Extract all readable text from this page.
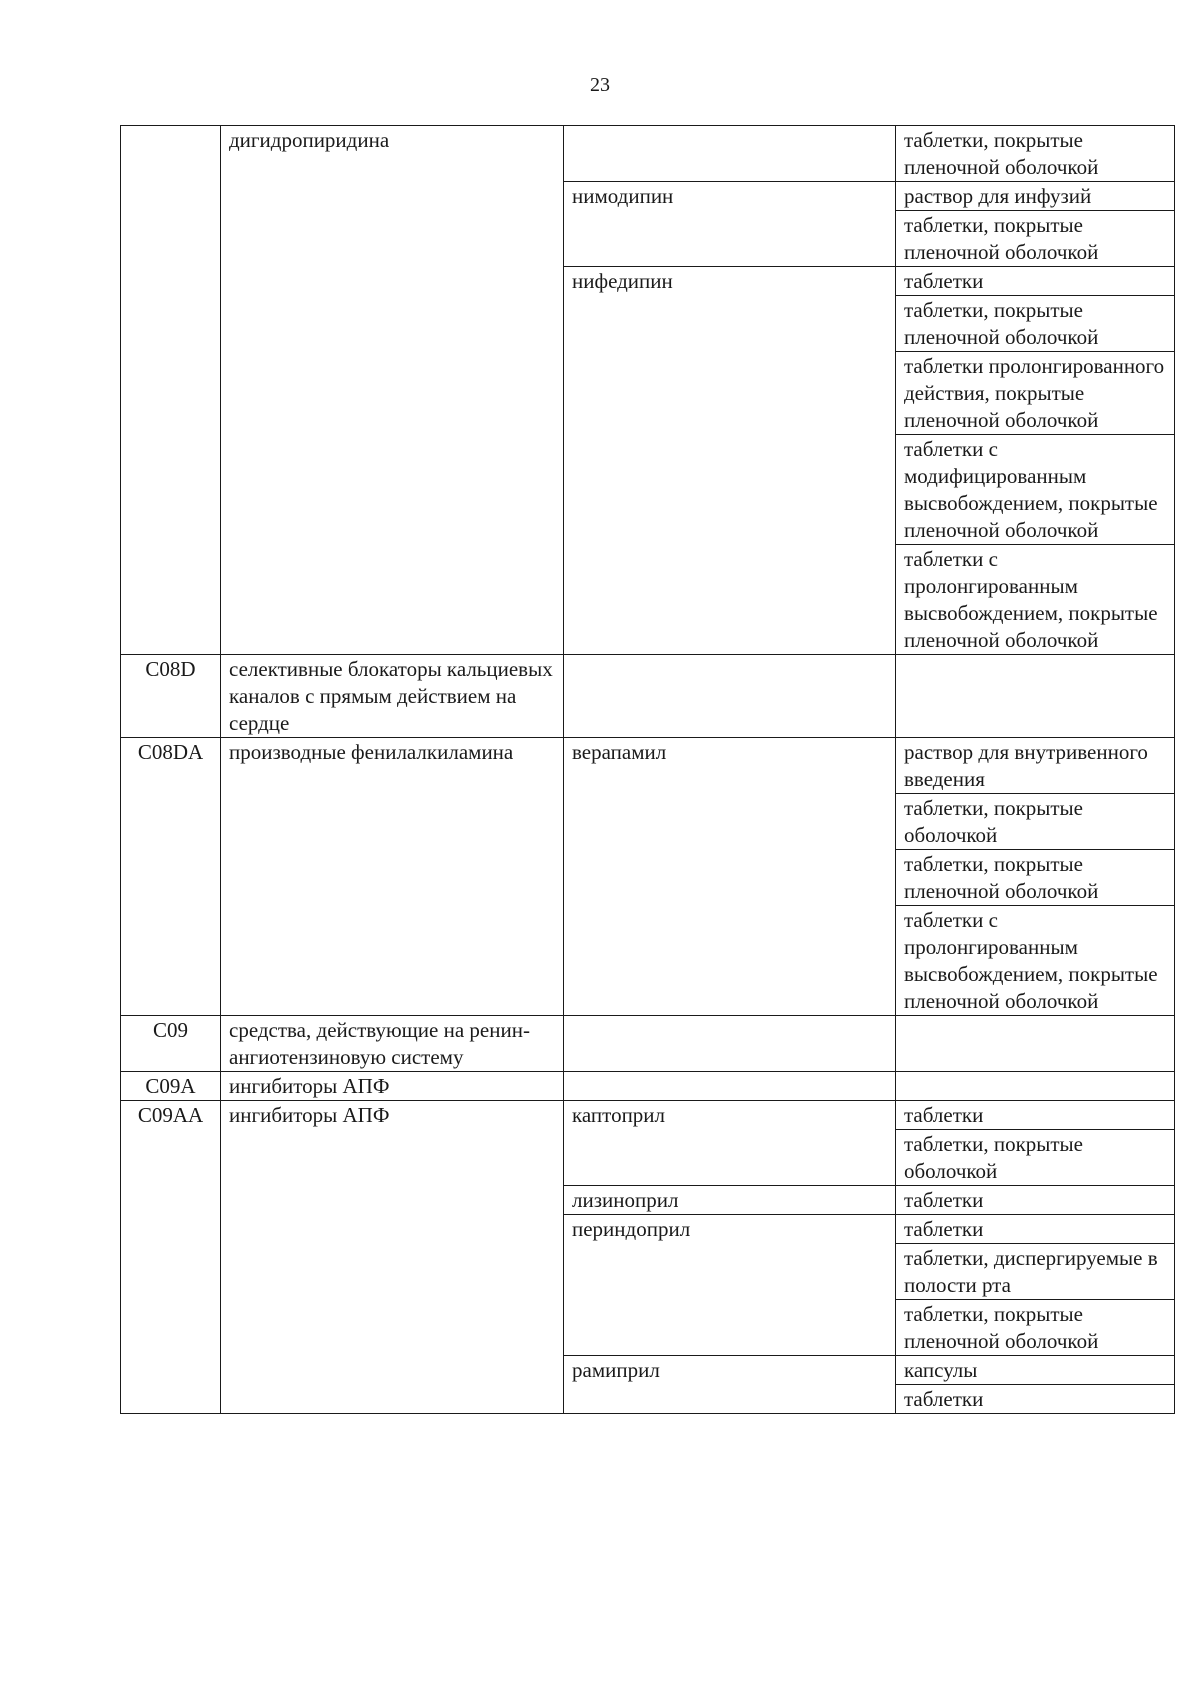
23
	дигидропиридина		таблетки, покрытые пленочной оболочкой
		нимодипин	раствор для инфузий
			таблетки, покрытые пленочной оболочкой
		нифедипин	таблетки
			таблетки, покрытые пленочной оболочкой
			таблетки пролонгированного действия, покрытые пленочной оболочкой
			таблетки с модифицированным высвобождением, покрытые пленочной оболочкой
			таблетки с пролонгированным высвобождением, покрытые пленочной оболочкой
C08D	селективные блокаторы кальциевых каналов с прямым действием на сердце		
C08DA	производные фенилалкиламина	верапамил	раствор для внутривенного введения
			таблетки, покрытые оболочкой
			таблетки, покрытые пленочной оболочкой
			таблетки с пролонгированным высвобождением, покрытые пленочной оболочкой
C09	средства, действующие на ренин-ангиотензиновую систему		
C09A	ингибиторы АПФ		
C09AA	ингибиторы АПФ	каптоприл	таблетки
			таблетки, покрытые оболочкой
		лизиноприл	таблетки
		периндоприл	таблетки
			таблетки, диспергируемые в полости рта
			таблетки, покрытые пленочной оболочкой
		рамиприл	капсулы
			таблетки
